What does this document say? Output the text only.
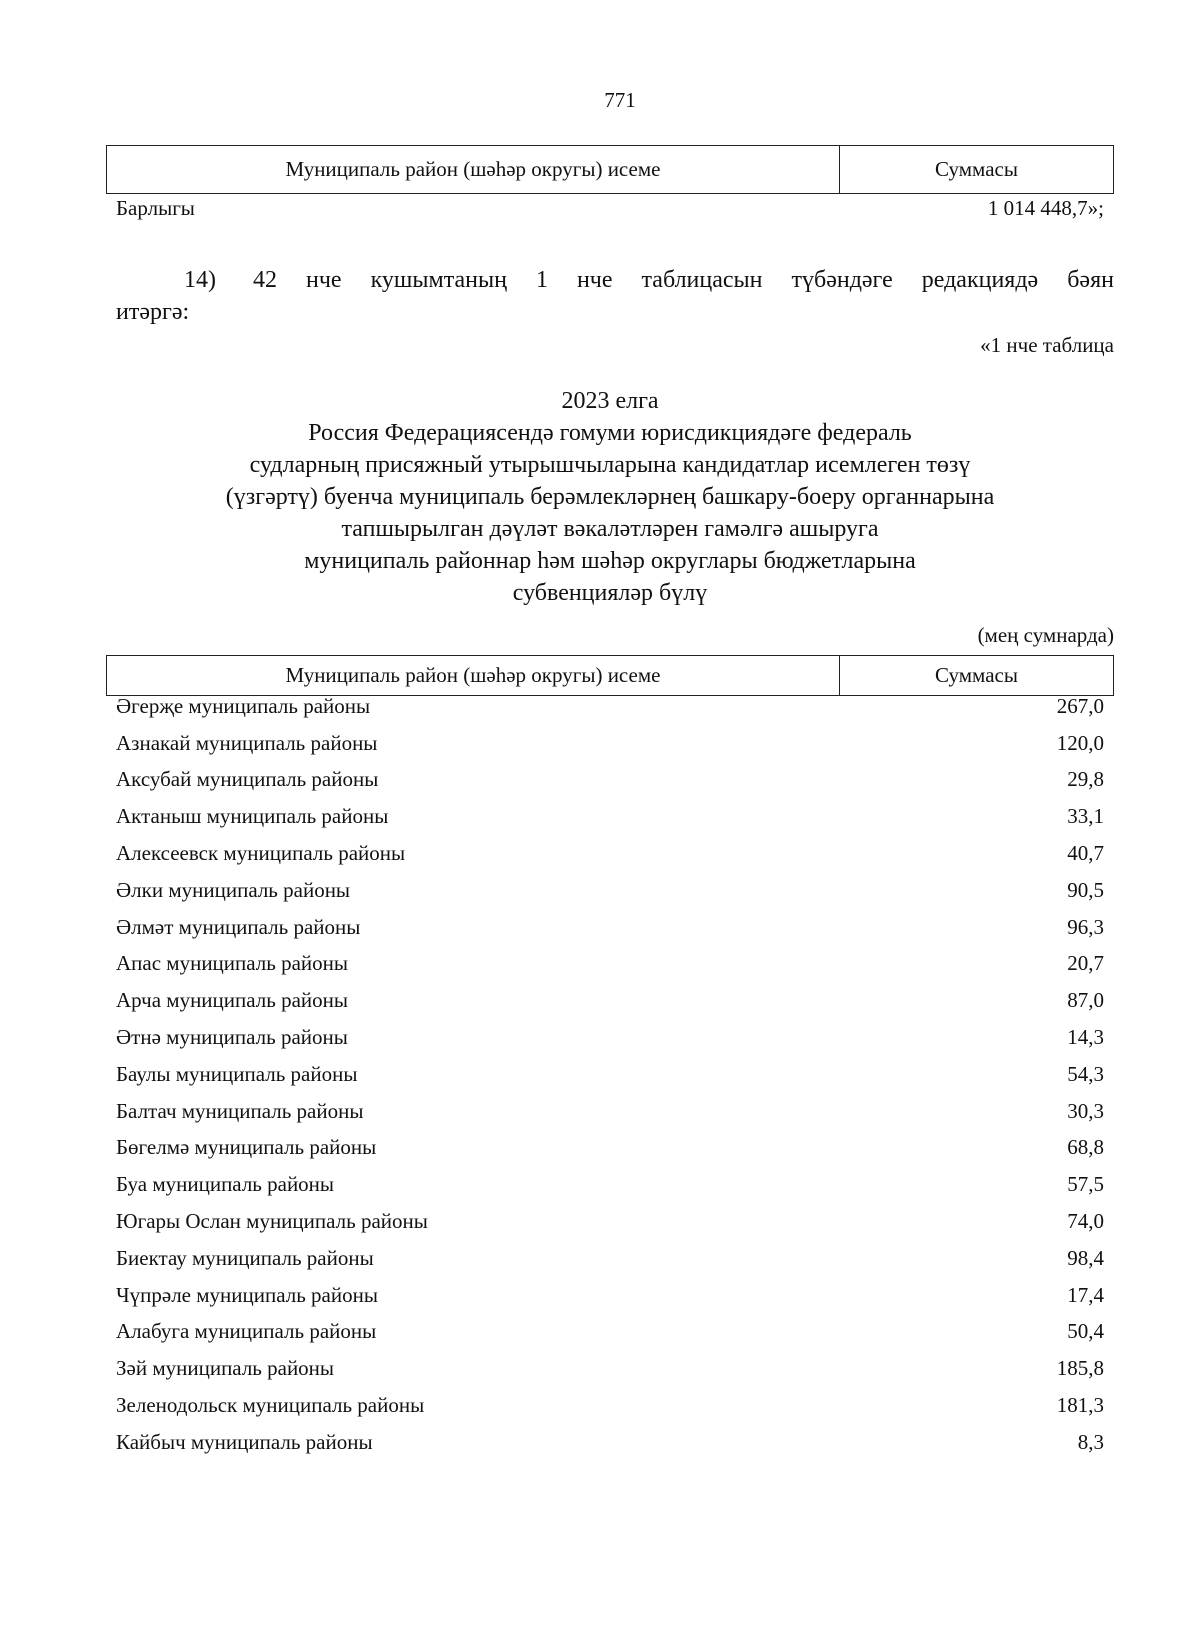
771
Муниципаль район (шәһәр округы) исеме	Суммасы
Барлыгы	1 014 448,7»;
14) 42 нче кушымтаның 1 нче таблицасын түбәндәге редакциядә бәян
итәргә:
«1 нче таблица
2023 елга
Россия Федерациясендә гомуми юрисдикциядәге федераль
судларның присяжный утырышчыларына кандидатлар исемлеген төзү
(үзгәртү) буенча муниципаль берәмлекләрнең башкару-боеру органнарына
тапшырылган дәүләт вәкаләтләрен гамәлгә ашыруга
муниципаль районнар һәм шәһәр округлары бюджетларына
субвенцияләр бүлү
(мең сумнарда)
Муниципаль район (шәһәр округы) исеме	Суммасы
Әгерҗе муниципаль районы	267,0
Азнакай муниципаль районы	120,0
Аксубай муниципаль районы	29,8
Актаныш муниципаль районы	33,1
Алексеевск муниципаль районы	40,7
Әлки муниципаль районы	90,5
Әлмәт муниципаль районы	96,3
Апас муниципаль районы	20,7
Арча муниципаль районы	87,0
Әтнә муниципаль районы	14,3
Баулы муниципаль районы	54,3
Балтач муниципаль районы	30,3
Бөгелмә муниципаль районы	68,8
Буа муниципаль районы	57,5
Югары Ослан муниципаль районы	74,0
Биектау муниципаль районы	98,4
Чүпрәле муниципаль районы	17,4
Алабуга муниципаль районы	50,4
Зәй муниципаль районы	185,8
Зеленодольск муниципаль районы	181,3
Кайбыч муниципаль районы	8,3
